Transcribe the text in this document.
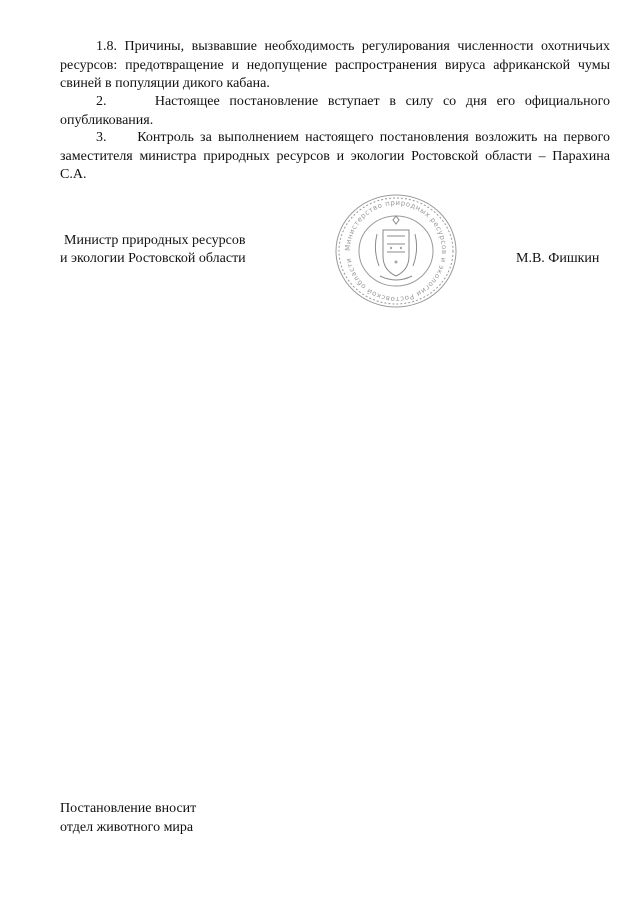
1.8. Причины, вызвавшие необходимость регулирования численности охотничьих ресурсов: предотвращение и недопущение распространения вируса африканской чумы свиней в популяции дикого кабана.

2.     Настоящее постановление вступает в силу со дня его официального опубликования.

3.     Контроль за выполнением настоящего постановления возложить на первого заместителя министра природных ресурсов и экологии Ростовской области – Парахина С.А.

Министр природных ресурсов
и экологии Ростовской области
Министерство природных ресурсов и экологии Ростовской области	М.В. Фишкин
Постановление вносит
отдел животного мира
